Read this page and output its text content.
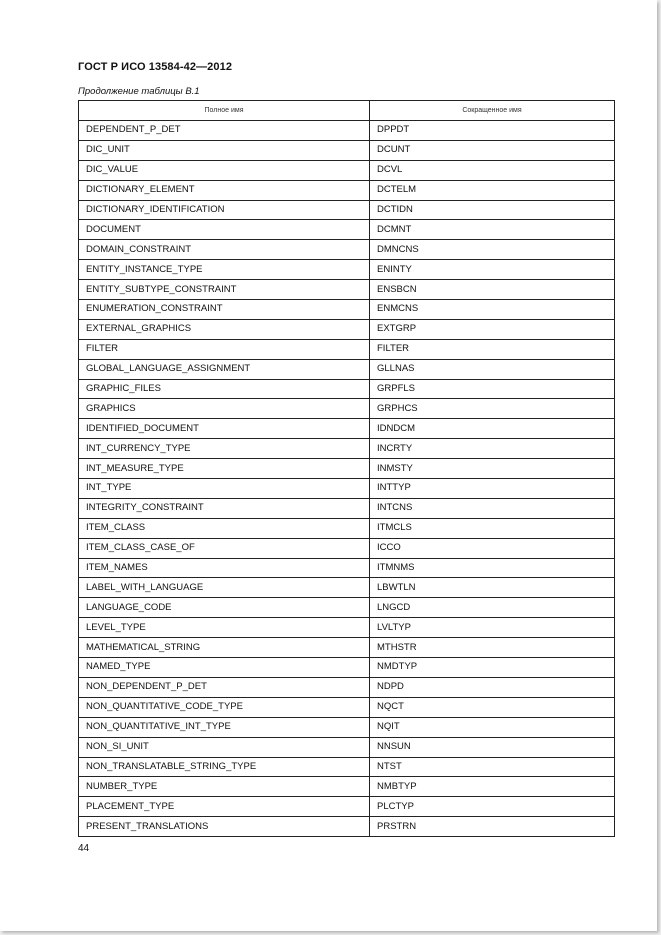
ГОСТ Р ИСО 13584-42—2012
Продолжение таблицы В.1
Полное имя	Сокращенное имя
DEPENDENT_P_DET	DPPDT
DIC_UNIT	DCUNT
DIC_VALUE	DCVL
DICTIONARY_ELEMENT	DCTELM
DICTIONARY_IDENTIFICATION	DCTIDN
DOCUMENT	DCMNT
DOMAIN_CONSTRAINT	DMNCNS
ENTITY_INSTANCE_TYPE	ENINTY
ENTITY_SUBTYPE_CONSTRAINT	ENSBCN
ENUMERATION_CONSTRAINT	ENMCNS
EXTERNAL_GRAPHICS	EXTGRP
FILTER	FILTER
GLOBAL_LANGUAGE_ASSIGNMENT	GLLNAS
GRAPHIC_FILES	GRPFLS
GRAPHICS	GRPHCS
IDENTIFIED_DOCUMENT	IDNDCM
INT_CURRENCY_TYPE	INCRTY
INT_MEASURE_TYPE	INMSTY
INT_TYPE	INTTYP
INTEGRITY_CONSTRAINT	INTCNS
ITEM_CLASS	ITMCLS
ITEM_CLASS_CASE_OF	ICCO
ITEM_NAMES	ITMNMS
LABEL_WITH_LANGUAGE	LBWTLN
LANGUAGE_CODE	LNGCD
LEVEL_TYPE	LVLTYP
MATHEMATICAL_STRING	MTHSTR
NAMED_TYPE	NMDTYP
NON_DEPENDENT_P_DET	NDPD
NON_QUANTITATIVE_CODE_TYPE	NQCT
NON_QUANTITATIVE_INT_TYPE	NQIT
NON_SI_UNIT	NNSUN
NON_TRANSLATABLE_STRING_TYPE	NTST
NUMBER_TYPE	NMBTYP
PLACEMENT_TYPE	PLCTYP
PRESENT_TRANSLATIONS	PRSTRN
44
